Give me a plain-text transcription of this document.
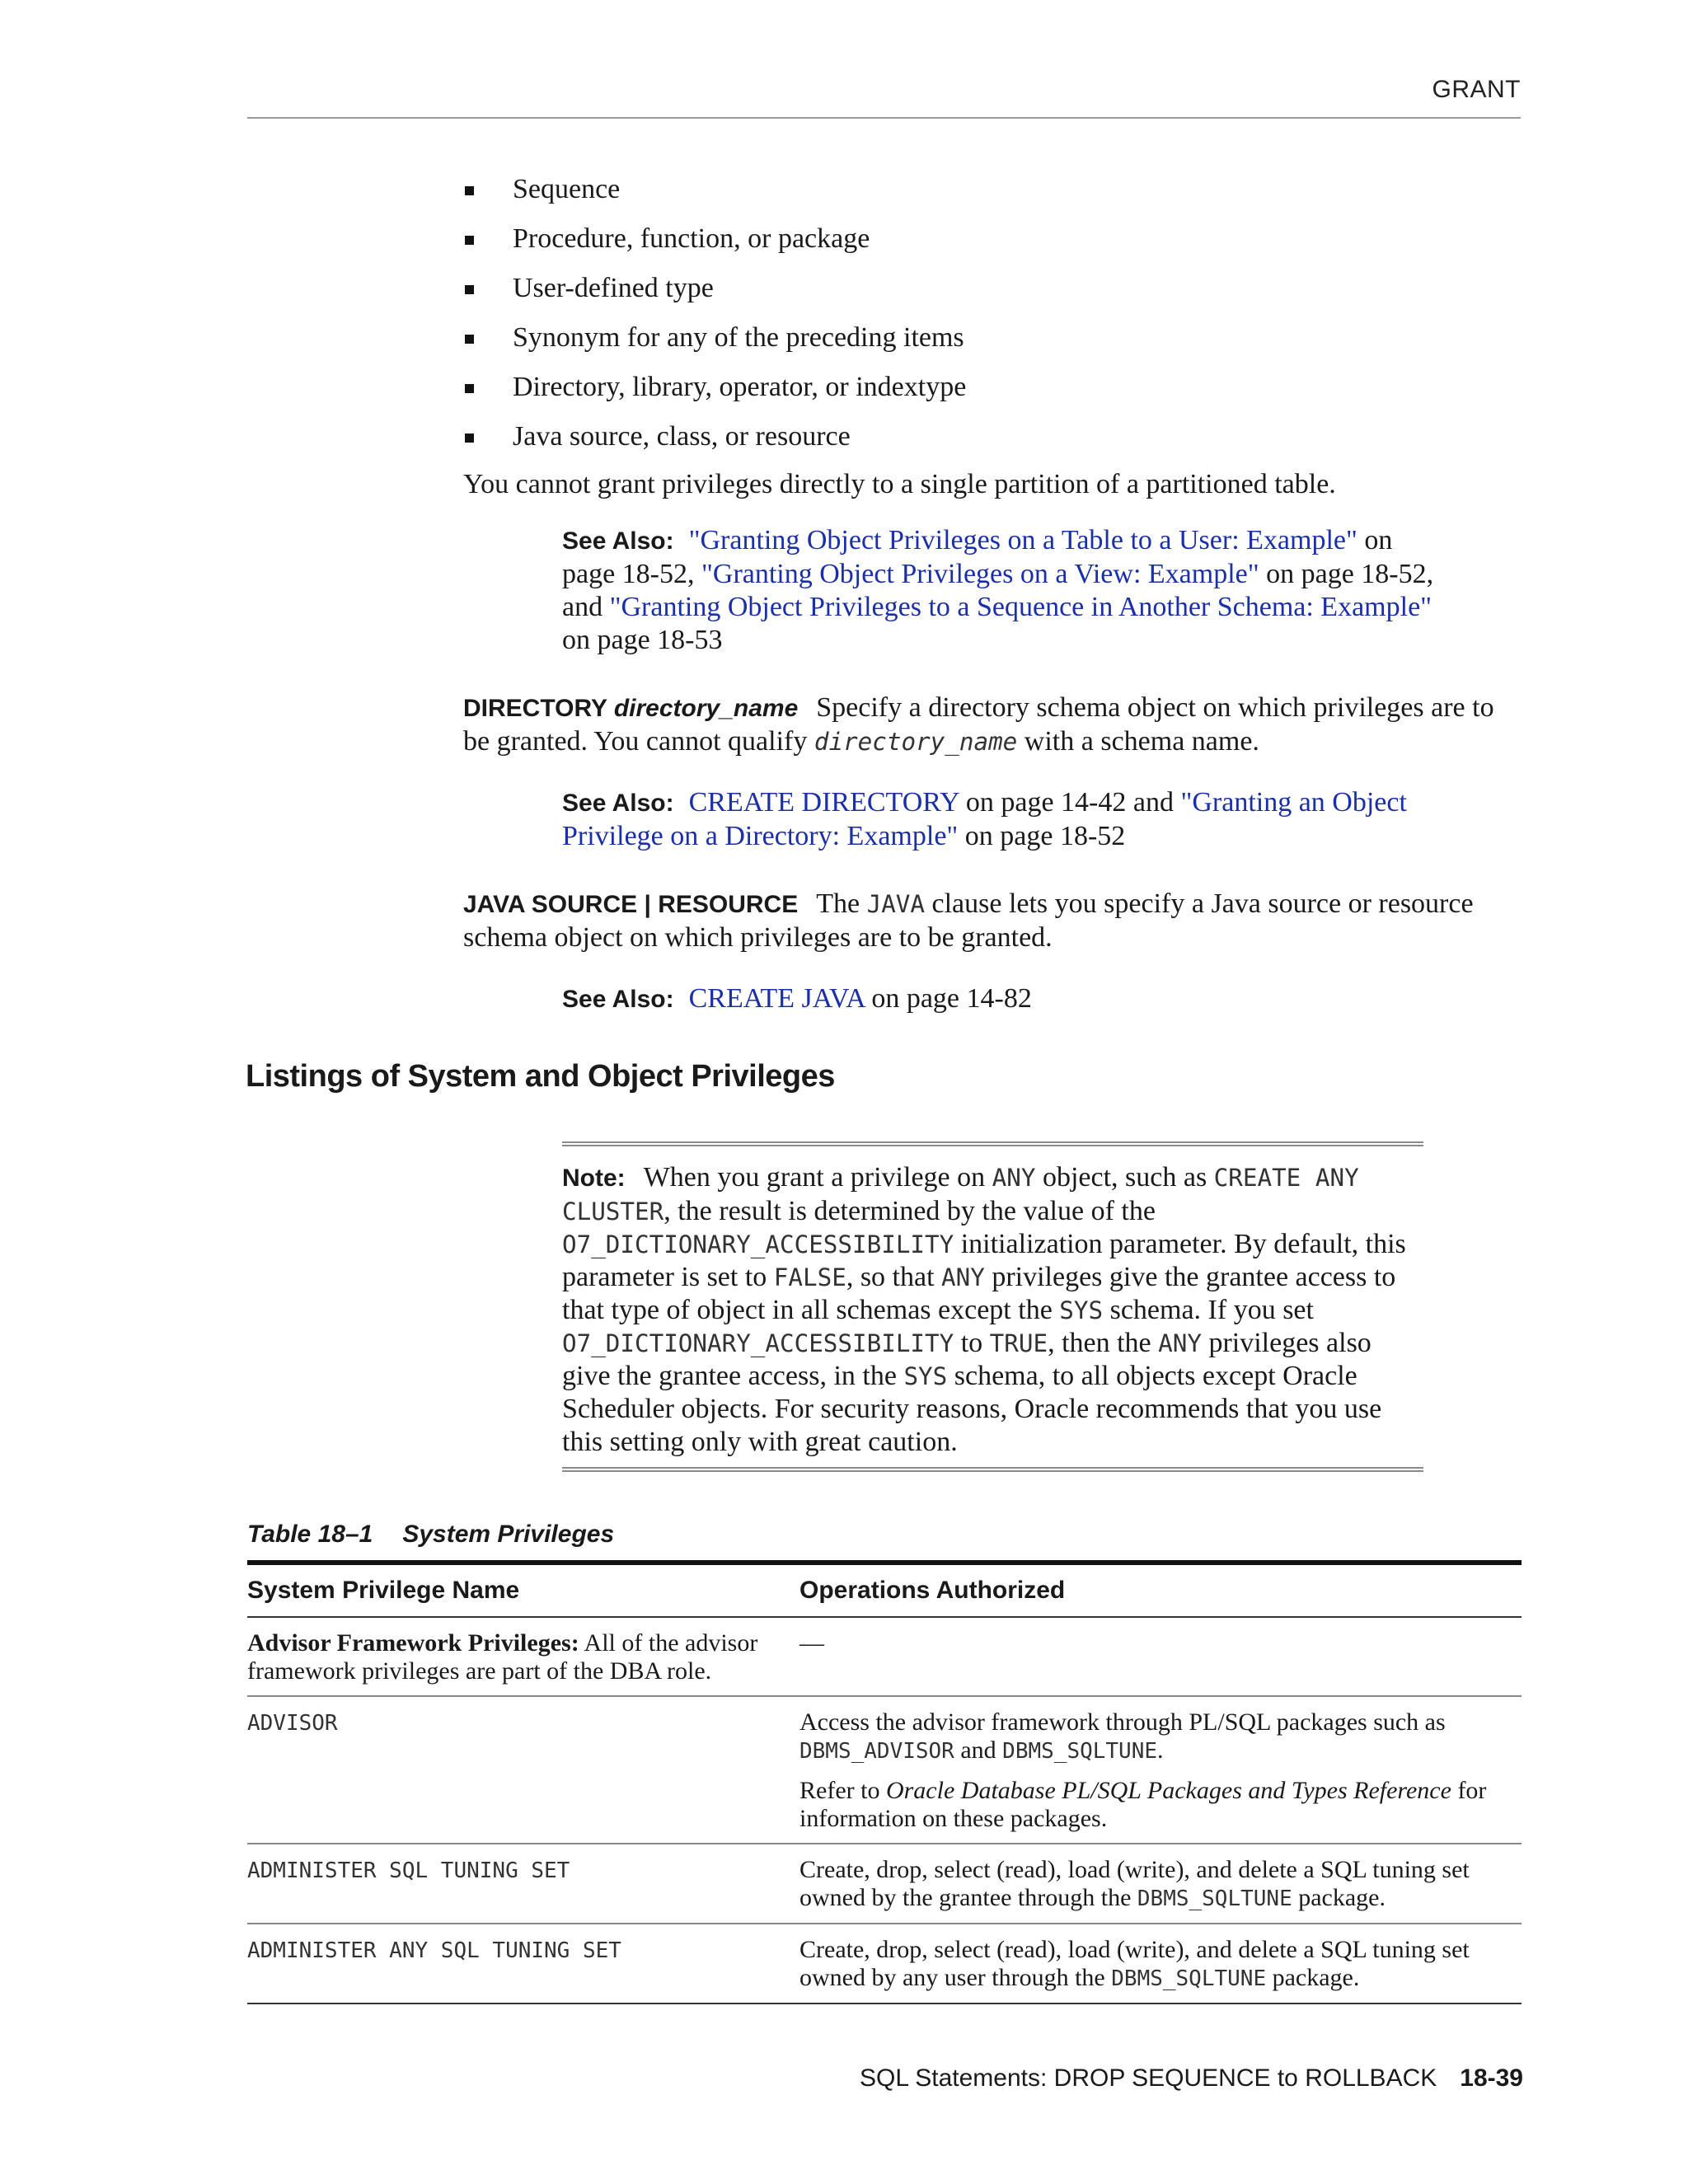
GRANT
Sequence
Procedure, function, or package
User-defined type
Synonym for any of the preceding items
Directory, library, operator, or indextype
Java source, class, or resource

You cannot grant privileges directly to a single partition of a partitioned table.

See Also: "Granting Object Privileges on a Table to a User: Example" on page 18-52, "Granting Object Privileges on a View: Example" on page 18-52, and "Granting Object Privileges to a Sequence in Another Schema: Example" on page 18-53

DIRECTORY directory_name Specify a directory schema object on which privileges are to be granted. You cannot qualify directory_name with a schema name.

See Also: CREATE DIRECTORY on page 14-42 and "Granting an Object Privilege on a Directory: Example" on page 18-52

JAVA SOURCE | RESOURCE The JAVA clause lets you specify a Java source or resource schema object on which privileges are to be granted.

See Also: CREATE JAVA on page 14-82

Listings of System and Object Privileges

Note: When you grant a privilege on ANY object, such as CREATE ANY CLUSTER, the result is determined by the value of the O7_DICTIONARY_ACCESSIBILITY initialization parameter. By default, this parameter is set to FALSE, so that ANY privileges give the grantee access to that type of object in all schemas except the SYS schema. If you set O7_DICTIONARY_ACCESSIBILITY to TRUE, then the ANY privileges also give the grantee access, in the SYS schema, to all objects except Oracle Scheduler objects. For security reasons, Oracle recommends that you use this setting only with great caution.

Table 18–1 System Privileges
System Privilege Name	Operations Authorized
Advisor Framework Privileges: All of the advisor framework privileges are part of the DBA role.	—
ADVISOR	Access the advisor framework through PL/SQL packages such as DBMS_ADVISOR and DBMS_SQLTUNE.

Refer to Oracle Database PL/SQL Packages and Types Reference for information on these packages.

ADMINISTER SQL TUNING SET	Create, drop, select (read), load (write), and delete a SQL tuning set owned by the grantee through the DBMS_SQLTUNE package.
ADMINISTER ANY SQL TUNING SET	Create, drop, select (read), load (write), and delete a SQL tuning set owned by any user through the DBMS_SQLTUNE package.
SQL Statements: DROP SEQUENCE to ROLLBACK 18-39
